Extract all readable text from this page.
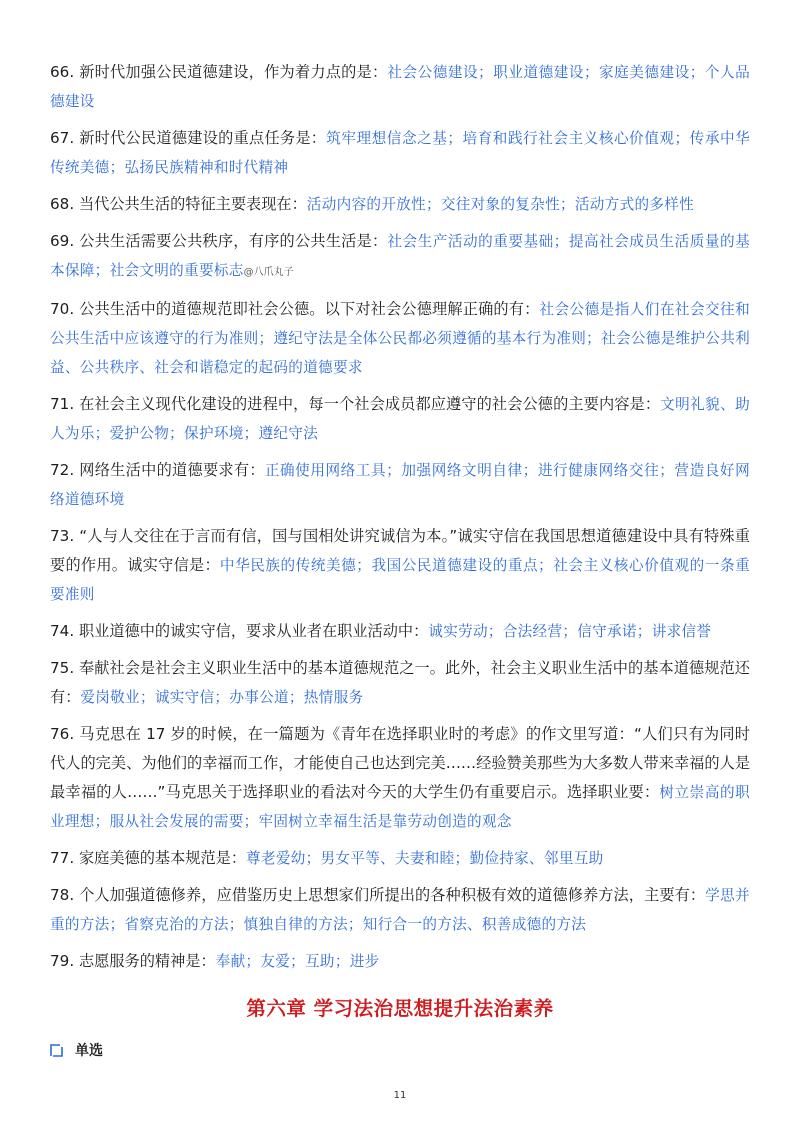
66. 新时代加强公民道德建设，作为着力点的是：社会公德建设；职业道德建设；家庭美德建设；个人品德建设

67. 新时代公民道德建设的重点任务是：筑牢理想信念之基；培育和践行社会主义核心价值观；传承中华传统美德；弘扬民族精神和时代精神

68. 当代公共生活的特征主要表现在：活动内容的开放性；交往对象的复杂性；活动方式的多样性

69. 公共生活需要公共秩序，有序的公共生活是：社会生产活动的重要基础；提高社会成员生活质量的基本保障；社会文明的重要标志@八爪丸子

70. 公共生活中的道德规范即社会公德。以下对社会公德理解正确的有：社会公德是指人们在社会交往和公共生活中应该遵守的行为准则；遵纪守法是全体公民都必须遵循的基本行为准则；社会公德是维护公共利益、公共秩序、社会和谐稳定的起码的道德要求

71. 在社会主义现代化建设的进程中，每一个社会成员都应遵守的社会公德的主要内容是：文明礼貌、助人为乐；爱护公物；保护环境；遵纪守法

72. 网络生活中的道德要求有：正确使用网络工具；加强网络文明自律；进行健康网络交往；营造良好网络道德环境

73. “人与人交往在于言而有信，国与国相处讲究诚信为本。”诚实守信在我国思想道德建设中具有特殊重要的作用。诚实守信是：中华民族的传统美德；我国公民道德建设的重点；社会主义核心价值观的一条重要准则

74. 职业道德中的诚实守信，要求从业者在职业活动中：诚实劳动；合法经营；信守承诺；讲求信誉

75. 奉献社会是社会主义职业生活中的基本道德规范之一。此外，社会主义职业生活中的基本道德规范还有：爱岗敬业；诚实守信；办事公道；热情服务

76. 马克思在 17 岁的时候，在一篇题为《青年在选择职业时的考虑》的作文里写道：“人们只有为同时代人的完美、为他们的幸福而工作，才能使自己也达到完美……经验赞美那些为大多数人带来幸福的人是最幸福的人……”马克思关于选择职业的看法对今天的大学生仍有重要启示。选择职业要：树立崇高的职业理想；服从社会发展的需要；牢固树立幸福生活是靠劳动创造的观念

77. 家庭美德的基本规范是：尊老爱幼；男女平等、夫妻和睦；勤俭持家、邻里互助

78. 个人加强道德修养，应借鉴历史上思想家们所提出的各种积极有效的道德修养方法，主要有：学思并重的方法；省察克治的方法；慎独自律的方法；知行合一的方法、积善成德的方法

79. 志愿服务的精神是：奉献；友爱；互助；进步

第六章 学习法治思想提升法治素养
单选
11
